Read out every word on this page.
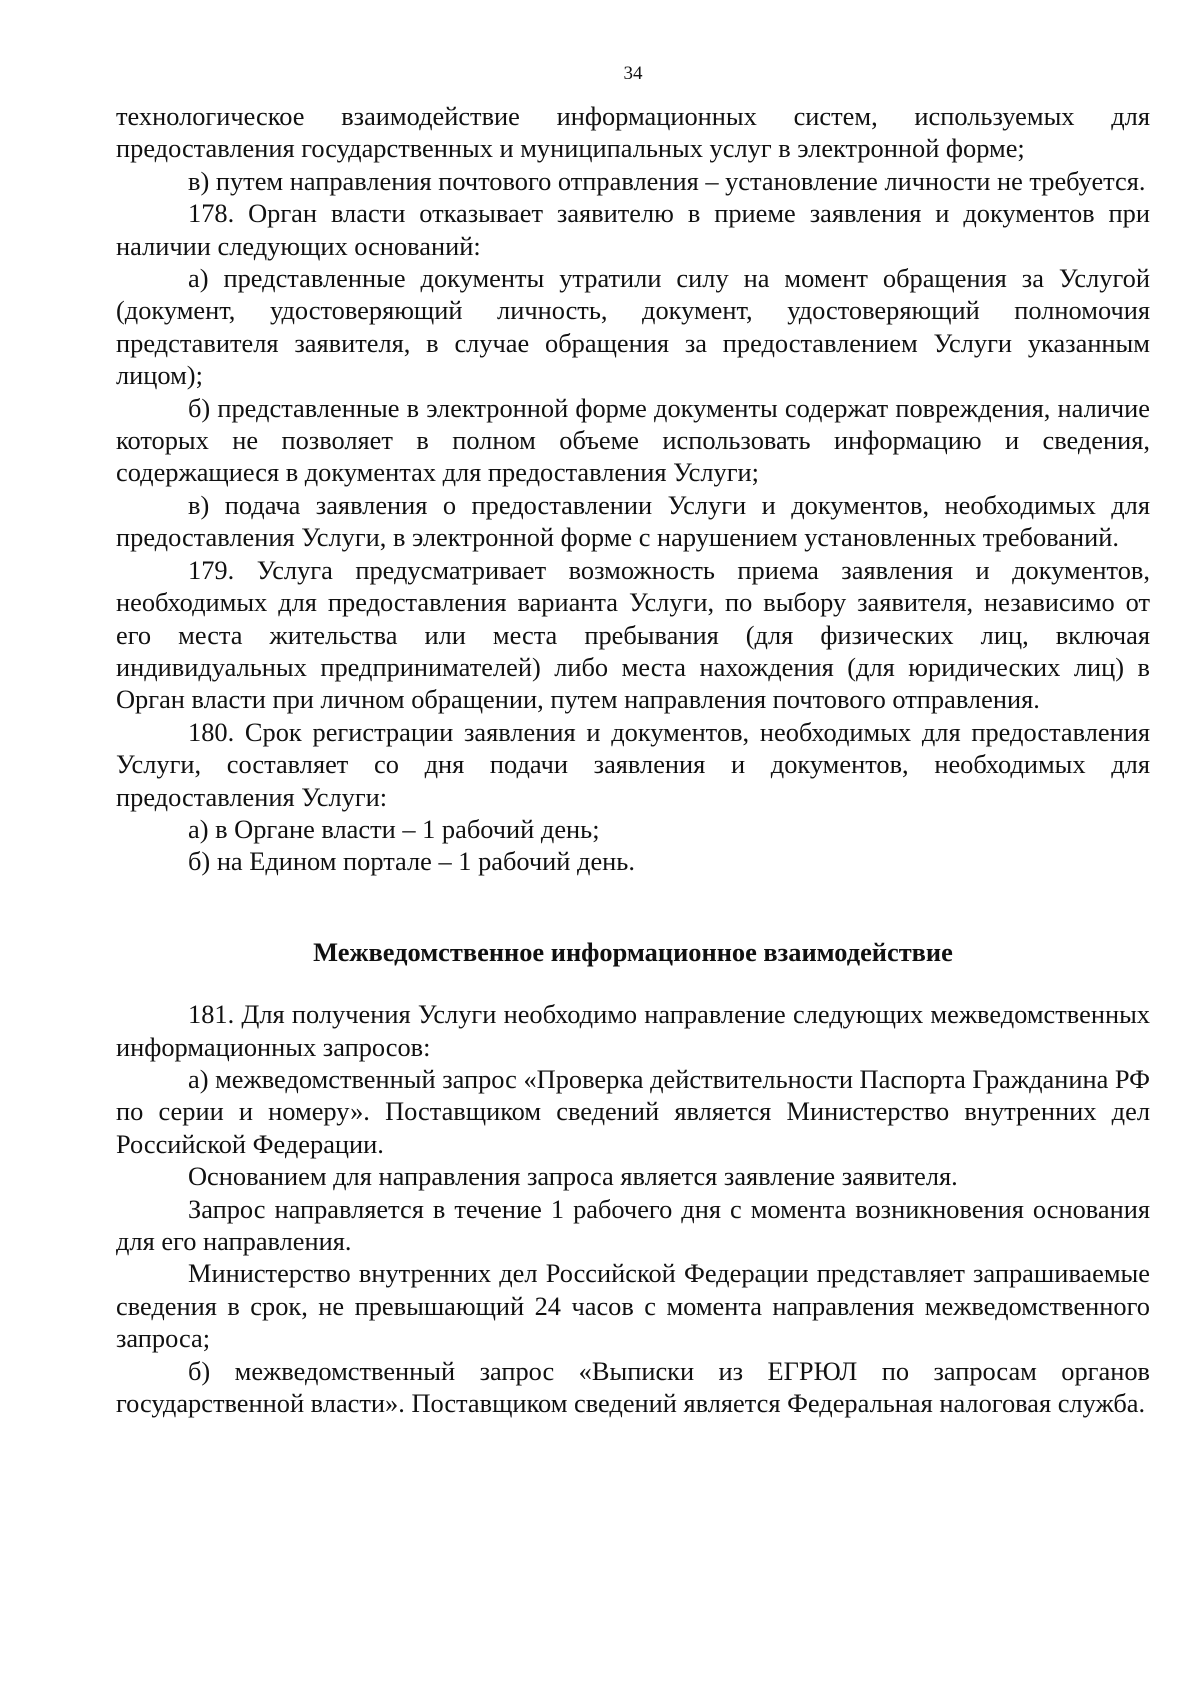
34

технологическое взаимодействие информационных систем, используемых для предоставления государственных и муниципальных услуг в электронной форме;

в) путем направления почтового отправления – установление личности не требуется.

178. Орган власти отказывает заявителю в приеме заявления и документов при наличии следующих оснований:

а) представленные документы утратили силу на момент обращения за Услугой (документ, удостоверяющий личность, документ, удостоверяющий полномочия представителя заявителя, в случае обращения за предоставлением Услуги указанным лицом);

б) представленные в электронной форме документы содержат повреждения, наличие которых не позволяет в полном объеме использовать информацию и сведения, содержащиеся в документах для предоставления Услуги;

в) подача заявления о предоставлении Услуги и документов, необходимых для предоставления Услуги, в электронной форме с нарушением установленных требований.

179. Услуга предусматривает возможность приема заявления и документов, необходимых для предоставления варианта Услуги, по выбору заявителя, независимо от его места жительства или места пребывания (для физических лиц, включая индивидуальных предпринимателей) либо места нахождения (для юридических лиц) в Орган власти при личном обращении, путем направления почтового отправления.

180. Срок регистрации заявления и документов, необходимых для предоставления Услуги, составляет со дня подачи заявления и документов, необходимых для предоставления Услуги:

а) в Органе власти – 1 рабочий день;

б) на Едином портале – 1 рабочий день.

Межведомственное информационное взаимодействие

181. Для получения Услуги необходимо направление следующих межведомственных информационных запросов:

а) межведомственный запрос «Проверка действительности Паспорта Гражданина РФ по серии и номеру». Поставщиком сведений является Министерство внутренних дел Российской Федерации.

Основанием для направления запроса является заявление заявителя.

Запрос направляется в течение 1 рабочего дня с момента возникновения основания для его направления.

Министерство внутренних дел Российской Федерации представляет запрашиваемые сведения в срок, не превышающий 24 часов с момента направления межведомственного запроса;

б) межведомственный запрос «Выписки из ЕГРЮЛ по запросам органов государственной власти». Поставщиком сведений является Федеральная налоговая служба.
